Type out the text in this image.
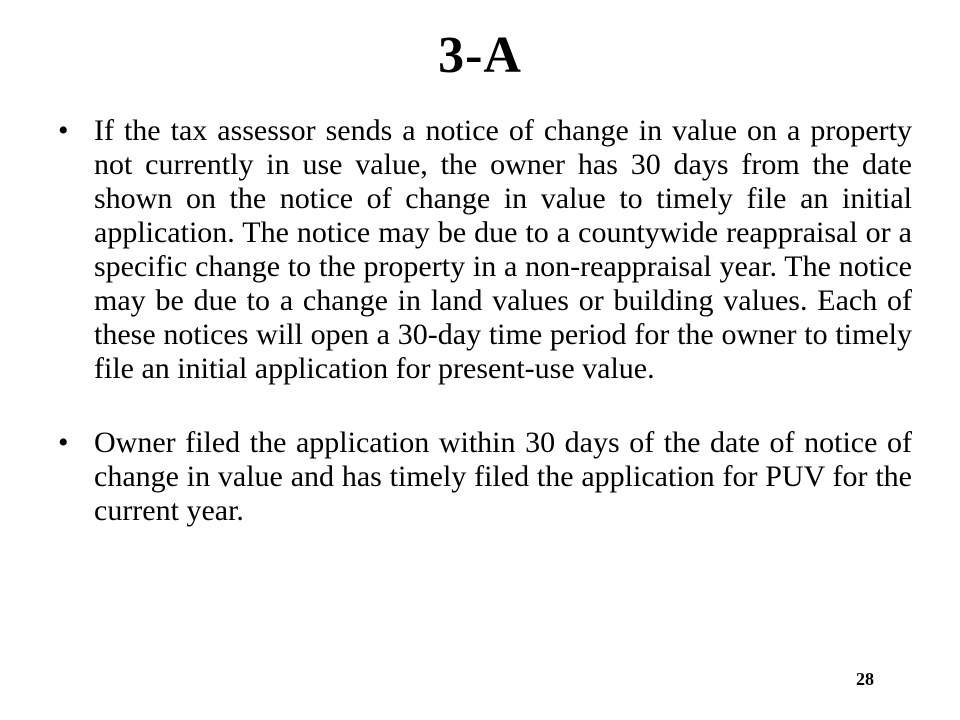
3-A
• If the tax assessor sends a notice of change in value on a property not currently in use value, the owner has 30 days from the date shown on the notice of change in value to timely file an initial application. The notice may be due to a countywide reappraisal or a specific change to the property in a non-reappraisal year. The notice may be due to a change in land values or building values. Each of these notices will open a 30-day time period for the owner to timely file an initial application for present-use value.
• Owner filed the application within 30 days of the date of notice of change in value and has timely filed the application for PUV for the current year.
28
